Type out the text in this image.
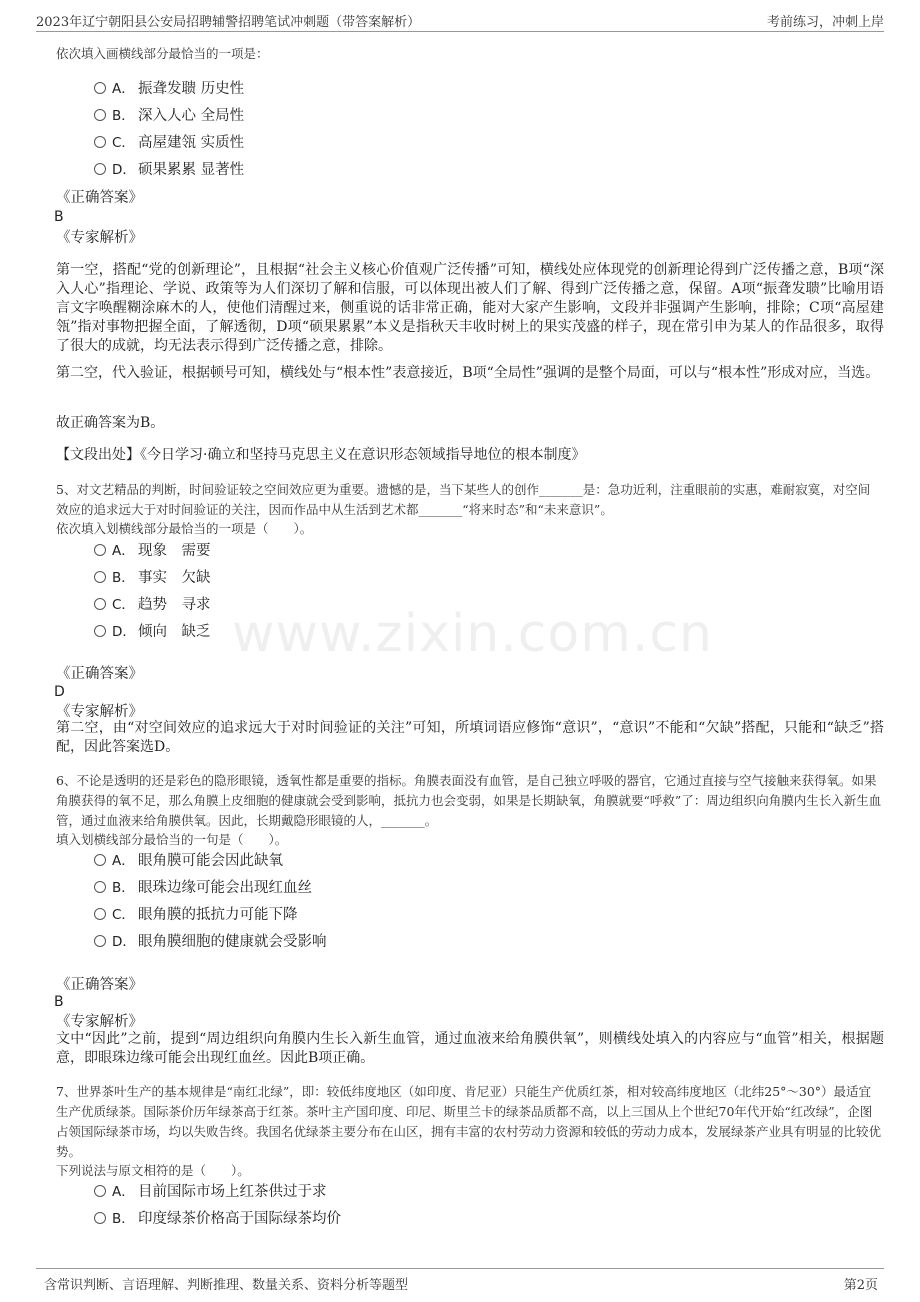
2023年辽宁朝阳县公安局招聘辅警招聘笔试冲刺题（带答案解析）	考前练习，冲刺上岸
www.zixin.com.cn
依次填入画横线部分最恰当的一项是：
A． 振聋发聩 历史性
B． 深入人心 全局性
C． 高屋建瓴 实质性
D． 硕果累累 显著性
《正确答案》
B
《专家解析》
第一空，搭配“党的创新理论”，且根据“社会主义核心价值观广泛传播”可知，横线处应体现党的创新理论得到广泛传播之意，B项“深入人心”指理论、学说、政策等为人们深切了解和信服，可以体现出被人们了解、得到广泛传播之意，保留。A项“振聋发聩”比喻用语言文字唤醒糊涂麻木的人，使他们清醒过来，侧重说的话非常正确，能对大家产生影响，文段并非强调产生影响，排除；C项“高屋建瓴”指对事物把握全面，了解透彻，D项“硕果累累”本义是指秋天丰收时树上的果实茂盛的样子，现在常引申为某人的作品很多，取得了很大的成就，均无法表示得到广泛传播之意，排除。
第二空，代入验证，根据顿号可知，横线处与“根本性”表意接近，B项“全局性”强调的是整个局面，可以与“根本性”形成对应，当选。
故正确答案为B。
【文段出处】《今日学习·确立和坚持马克思主义在意识形态领域指导地位的根本制度》
5、对文艺精品的判断，时间验证较之空间效应更为重要。遗憾的是，当下某些人的创作_______是：急功近利，注重眼前的实惠，难耐寂寞，对空间效应的追求远大于对时间验证的关注，因而作品中从生活到艺术都_______“将来时态”和“未来意识”。
依次填入划横线部分最恰当的一项是（　　）。
A． 现象　需要
B． 事实　欠缺
C． 趋势　寻求
D． 倾向　缺乏
《正确答案》
D
《专家解析》
第二空，由“对空间效应的追求远大于对时间验证的关注”可知，所填词语应修饰“意识”，“意识”不能和“欠缺”搭配，只能和“缺乏”搭配，因此答案选D。
6、不论是透明的还是彩色的隐形眼镜，透氧性都是重要的指标。角膜表面没有血管，是自己独立呼吸的器官，它通过直接与空气接触来获得氧。如果角膜获得的氧不足，那么角膜上皮细胞的健康就会受到影响，抵抗力也会变弱，如果是长期缺氧，角膜就要“呼救”了：周边组织向角膜内生长入新生血管，通过血液来给角膜供氧。因此，长期戴隐形眼镜的人，_______。
填入划横线部分最恰当的一句是（　　）。
A． 眼角膜可能会因此缺氧
B． 眼珠边缘可能会出现红血丝
C． 眼角膜的抵抗力可能下降
D． 眼角膜细胞的健康就会受影响
《正确答案》
B
《专家解析》
文中“因此”之前，提到“周边组织向角膜内生长入新生血管，通过血液来给角膜供氧”，则横线处填入的内容应与“血管”相关，根据题意，即眼珠边缘可能会出现红血丝。因此B项正确。
7、世界茶叶生产的基本规律是“南红北绿”，即：较低纬度地区（如印度、肯尼亚）只能生产优质红茶，相对较高纬度地区（北纬25°～30°）最适宜生产优质绿茶。国际茶价历年绿茶高于红茶。茶叶主产国印度、印尼、斯里兰卡的绿茶品质都不高，以上三国从上个世纪70年代开始“红改绿”，企图占领国际绿茶市场，均以失败告终。我国名优绿茶主要分布在山区，拥有丰富的农村劳动力资源和较低的劳动力成本，发展绿茶产业具有明显的比较优势。
下列说法与原文相符的是（　　）。
A． 目前国际市场上红茶供过于求
B． 印度绿茶价格高于国际绿茶均价
含常识判断、言语理解、判断推理、数量关系、资料分析等题型	第2页
